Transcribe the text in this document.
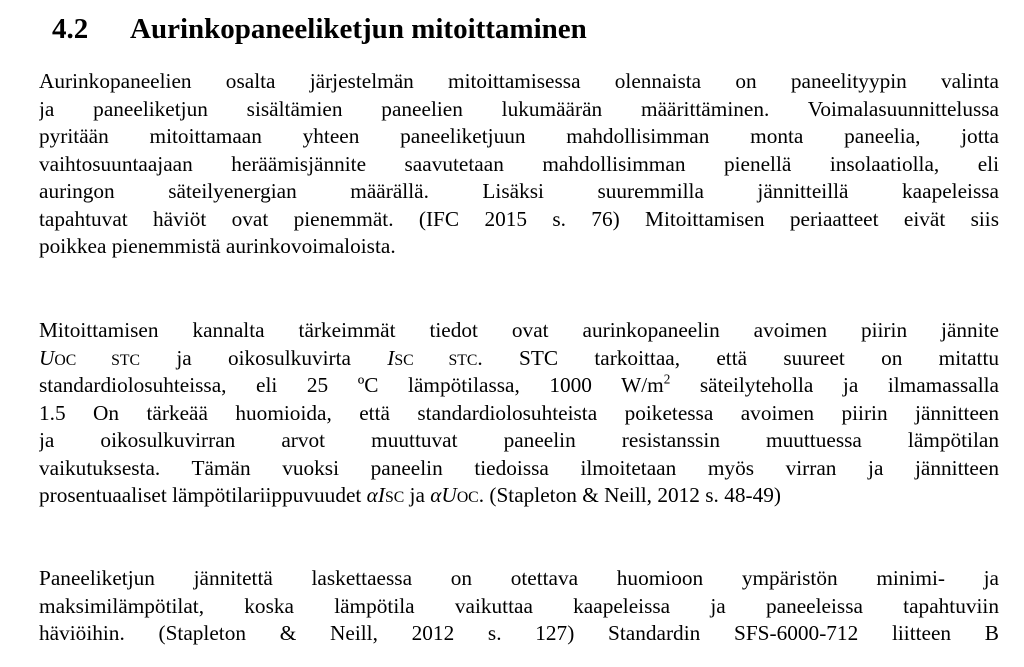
4.2 Aurinkopaneeliketjun mitoittaminen
Aurinkopaneelien osalta järjestelmän mitoittamisessa olennaista on paneelityypin valinta
ja paneeliketjun sisältämien paneelien lukumäärän määrittäminen. Voimalasuunnittelussa
pyritään mitoittamaan yhteen paneeliketjuun mahdollisimman monta paneelia, jotta
vaihtosuuntaajaan heräämisjännite saavutetaan mahdollisimman pienellä insolaatiolla, eli
auringon säteilyenergian määrällä. Lisäksi suuremmilla jännitteillä kaapeleissa
tapahtuvat häviöt ovat pienemmät. (IFC 2015 s. 76) Mitoittamisen periaatteet eivät siis
poikkea pienemmistä aurinkovoimaloista.
Mitoittamisen kannalta tärkeimmät tiedot ovat aurinkopaneelin avoimen piirin jännite
UOC STC ja oikosulkuvirta ISC STC. STC tarkoittaa, että suureet on mitattu
standardiolosuhteissa, eli 25 ºC lämpötilassa, 1000 $W/m^2$ säteilyteholla ja ilmamassalla
1.5 On tärkeää huomioida, että standardiolosuhteista poiketessa avoimen piirin jännitteen
ja oikosulkuvirran arvot muuttuvat paneelin resistanssin muuttuessa lämpötilan
vaikutuksesta. Tämän vuoksi paneelin tiedoissa ilmoitetaan myös virran ja jännitteen
prosentuaaliset lämpötilariippuvuudet αISC ja αUOC. (Stapleton & Neill, 2012 s. 48-49)
Paneeliketjun jännitettä laskettaessa on otettava huomioon ympäristön minimi- ja
maksimilämpötilat, koska lämpötila vaikuttaa kaapeleissa ja paneeleissa tapahtuviin
häviöihin. (Stapleton & Neill, 2012 s. 127) Standardin SFS-6000-712 liitteen B
